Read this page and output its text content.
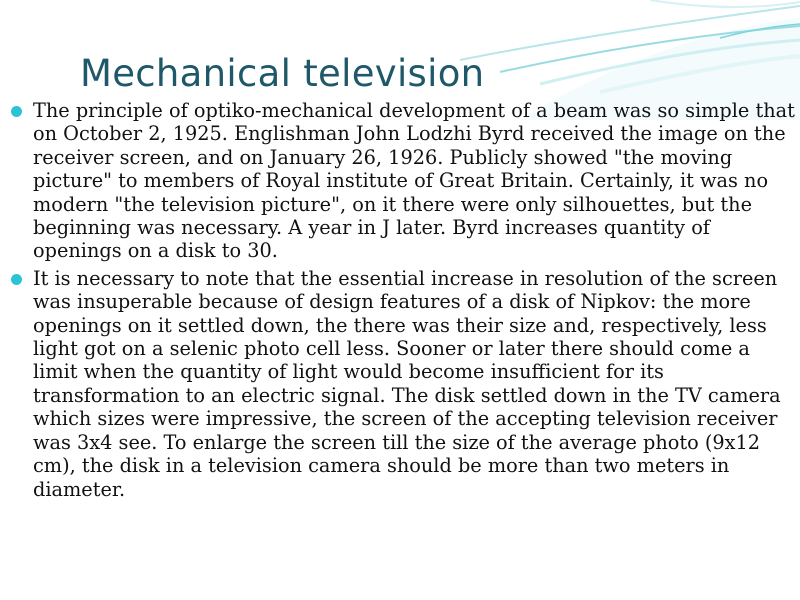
Mechanical television
The principle of optiko-mechanical development of a beam was so simple that on October 2, 1925. Englishman John Lodzhi Byrd received the image on the receiver screen, and on January 26, 1926. Publicly showed "the moving picture" to members of Royal institute of Great Britain. Certainly, it was no modern "the television picture", on it there were only silhouettes, but the beginning was necessary. A year in J later. Byrd increases quantity of openings on a disk to 30.
It is necessary to note that the essential increase in resolution of the screen was insuperable because of design features of a disk of Nipkov: the more openings on it settled down, the there was their size and, respectively, less light got on a selenic photo cell less. Sooner or later there should come a limit when the quantity of light would become insufficient for its transformation to an electric signal. The disk settled down in the TV camera which sizes were impressive, the screen of the accepting television receiver was 3x4 see. To enlarge the screen till the size of the average photo (9x12 cm), the disk in a television camera should be more than two meters in diameter.
